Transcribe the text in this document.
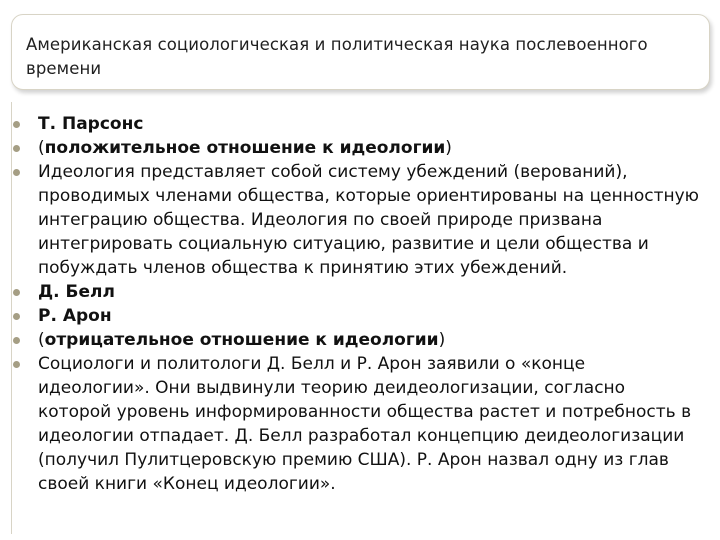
Американская социологическая и политическая наука послевоенного времени
Т. Парсонс
(положительное отношение к идеологии)
Идеология представляет собой систему убеждений (верований), проводимых членами общества, которые ориентированы на ценностную интеграцию общества. Идеология по своей природе призвана интегрировать социальную ситуацию, развитие и цели общества и побуждать членов общества к принятию этих убеждений.
Д. Белл
Р. Арон
(отрицательное отношение к идеологии)
Социологи и политологи Д. Белл и Р. Арон заявили о «конце идеологии». Они выдвинули теорию деидеологизации, согласно которой уровень информированности общества растет и потребность в идеологии отпадает. Д. Белл разработал концепцию деидеологизации (получил Пулитцеровскую премию США). Р. Арон назвал одну из глав своей книги «Конец идеологии».
